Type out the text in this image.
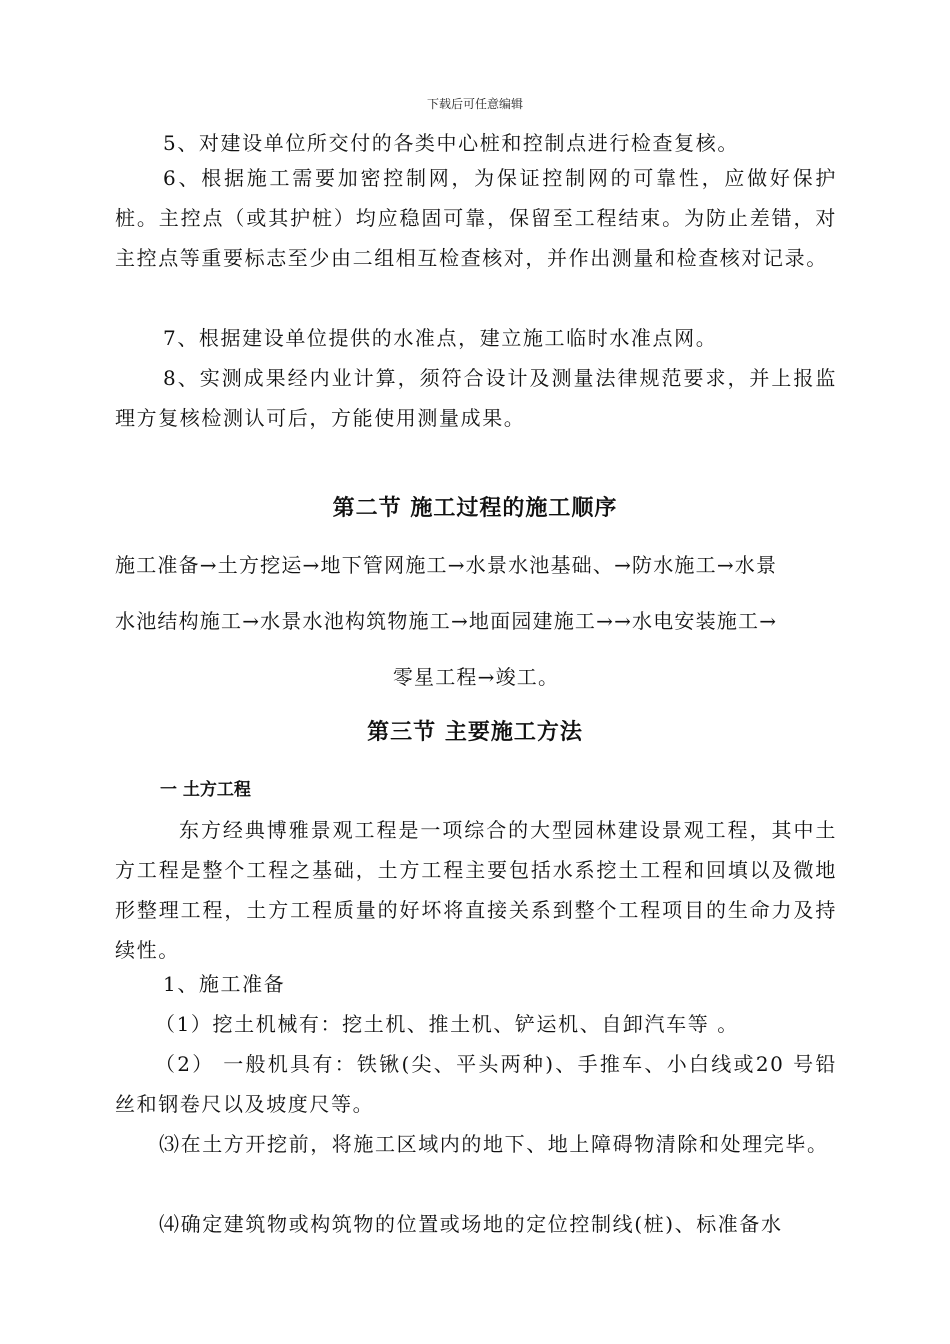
下载后可任意编辑

5、对建设单位所交付的各类中心桩和控制点进行检查复核。

6、根据施工需要加密控制网，为保证控制网的可靠性，应做好保护桩。主控点（或其护桩）均应稳固可靠，保留至工程结束。为防止差错，对主控点等重要标志至少由二组相互检查核对，并作出测量和检查核对记录。

7、根据建设单位提供的水准点，建立施工临时水准点网。

8、实测成果经内业计算，须符合设计及测量法律规范要求，并上报监理方复核检测认可后，方能使用测量成果。

第二节 施工过程的施工顺序

施工准备→土方挖运→地下管网施工→水景水池基础、→防水施工→水景

水池结构施工→水景水池构筑物施工→地面园建施工→→水电安装施工→

零星工程→竣工。

第三节 主要施工方法
一 土方工程

东方经典博雅景观工程是一项综合的大型园林建设景观工程，其中土方工程是整个工程之基础，土方工程主要包括水系挖土工程和回填以及微地形整理工程，土方工程质量的好坏将直接关系到整个工程项目的生命力及持续性。

1、施工准备

（1）挖土机械有：挖土机、推土机、铲运机、自卸汽车等 。

（2） 一般机具有：铁锹(尖、平头两种)、手推车、小白线或20 号铅丝和钢卷尺以及坡度尺等。

⑶在土方开挖前，将施工区域内的地下、地上障碍物清除和处理完毕。

⑷确定建筑物或构筑物的位置或场地的定位控制线(桩)、标准备水
